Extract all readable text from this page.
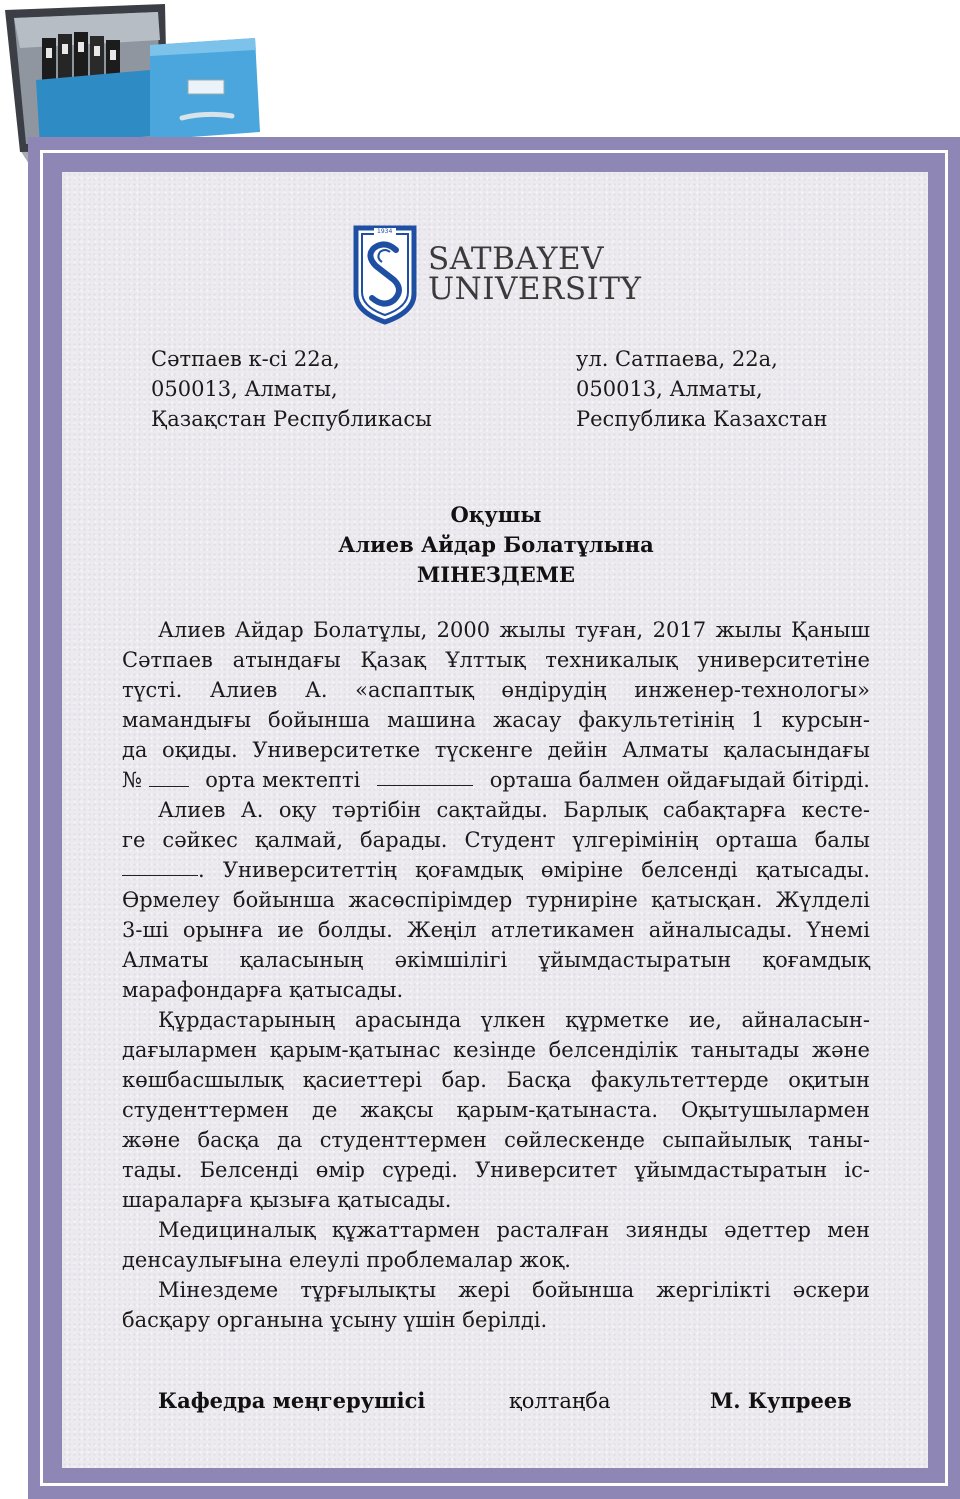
1934
SATBAYEV
UNIVERSITY
Сәтпаев к-сі 22а,
050013, Алматы,
Қазақстан Республикасы
ул. Сатпаева, 22а,
050013, Алматы,
Республика Казахстан
Оқушы
Алиев Айдар Болатұлына
МІНЕЗДЕМЕ
Алиев Айдар Болатұлы, 2000 жылы туған, 2017 жылы Қаныш
Сәтпаев атындағы Қазақ Ұлттық техникалық университетіне
түсті. Алиев А. «аспаптық өндірудің инженер-технологы»
мамандығы бойынша машина жасау факультетінің 1 курсын-
да оқиды. Университетке түскенге дейін Алматы қаласындағы
№	орта мектепті	орташа балмен ойдағыдай бітірді.
Алиев А. оқу тәртібін сақтайды. Барлық сабақтарға кесте-
ге сәйкес қалмай, барады. Студент үлгерімінің орташа балы
. Университеттің қоғамдық өміріне белсенді қатысады.
Өрмелеу бойынша жасөспірімдер турниріне қатысқан. Жүлделі
3-ші орынға ие болды. Жеңіл атлетикамен айналысады. Үнемі
Алматы қаласының әкімшілігі ұйымдастыратын қоғамдық
марафондарға қатысады.
Құрдастарының арасында үлкен құрметке ие, айналасын-
дағылармен қарым-қатынас кезінде белсенділік танытады және
көшбасшылық қасиеттері бар. Басқа факультеттерде оқитын
студенттермен де жақсы қарым-қатынаста. Оқытушылармен
және басқа да студенттермен сөйлескенде сыпайылық таны-
тады. Белсенді өмір сүреді. Университет ұйымдастыратын іс-
шараларға қызыға қатысады.
Медициналық құжаттармен расталған зиянды әдеттер мен
денсаулығына елеулі проблемалар жоқ.
Мінездеме тұрғылықты жері бойынша жергілікті әскери
басқару органына ұсыну үшін берілді.
Кафедра меңгерушісі	қолтаңба	М. Купреев
